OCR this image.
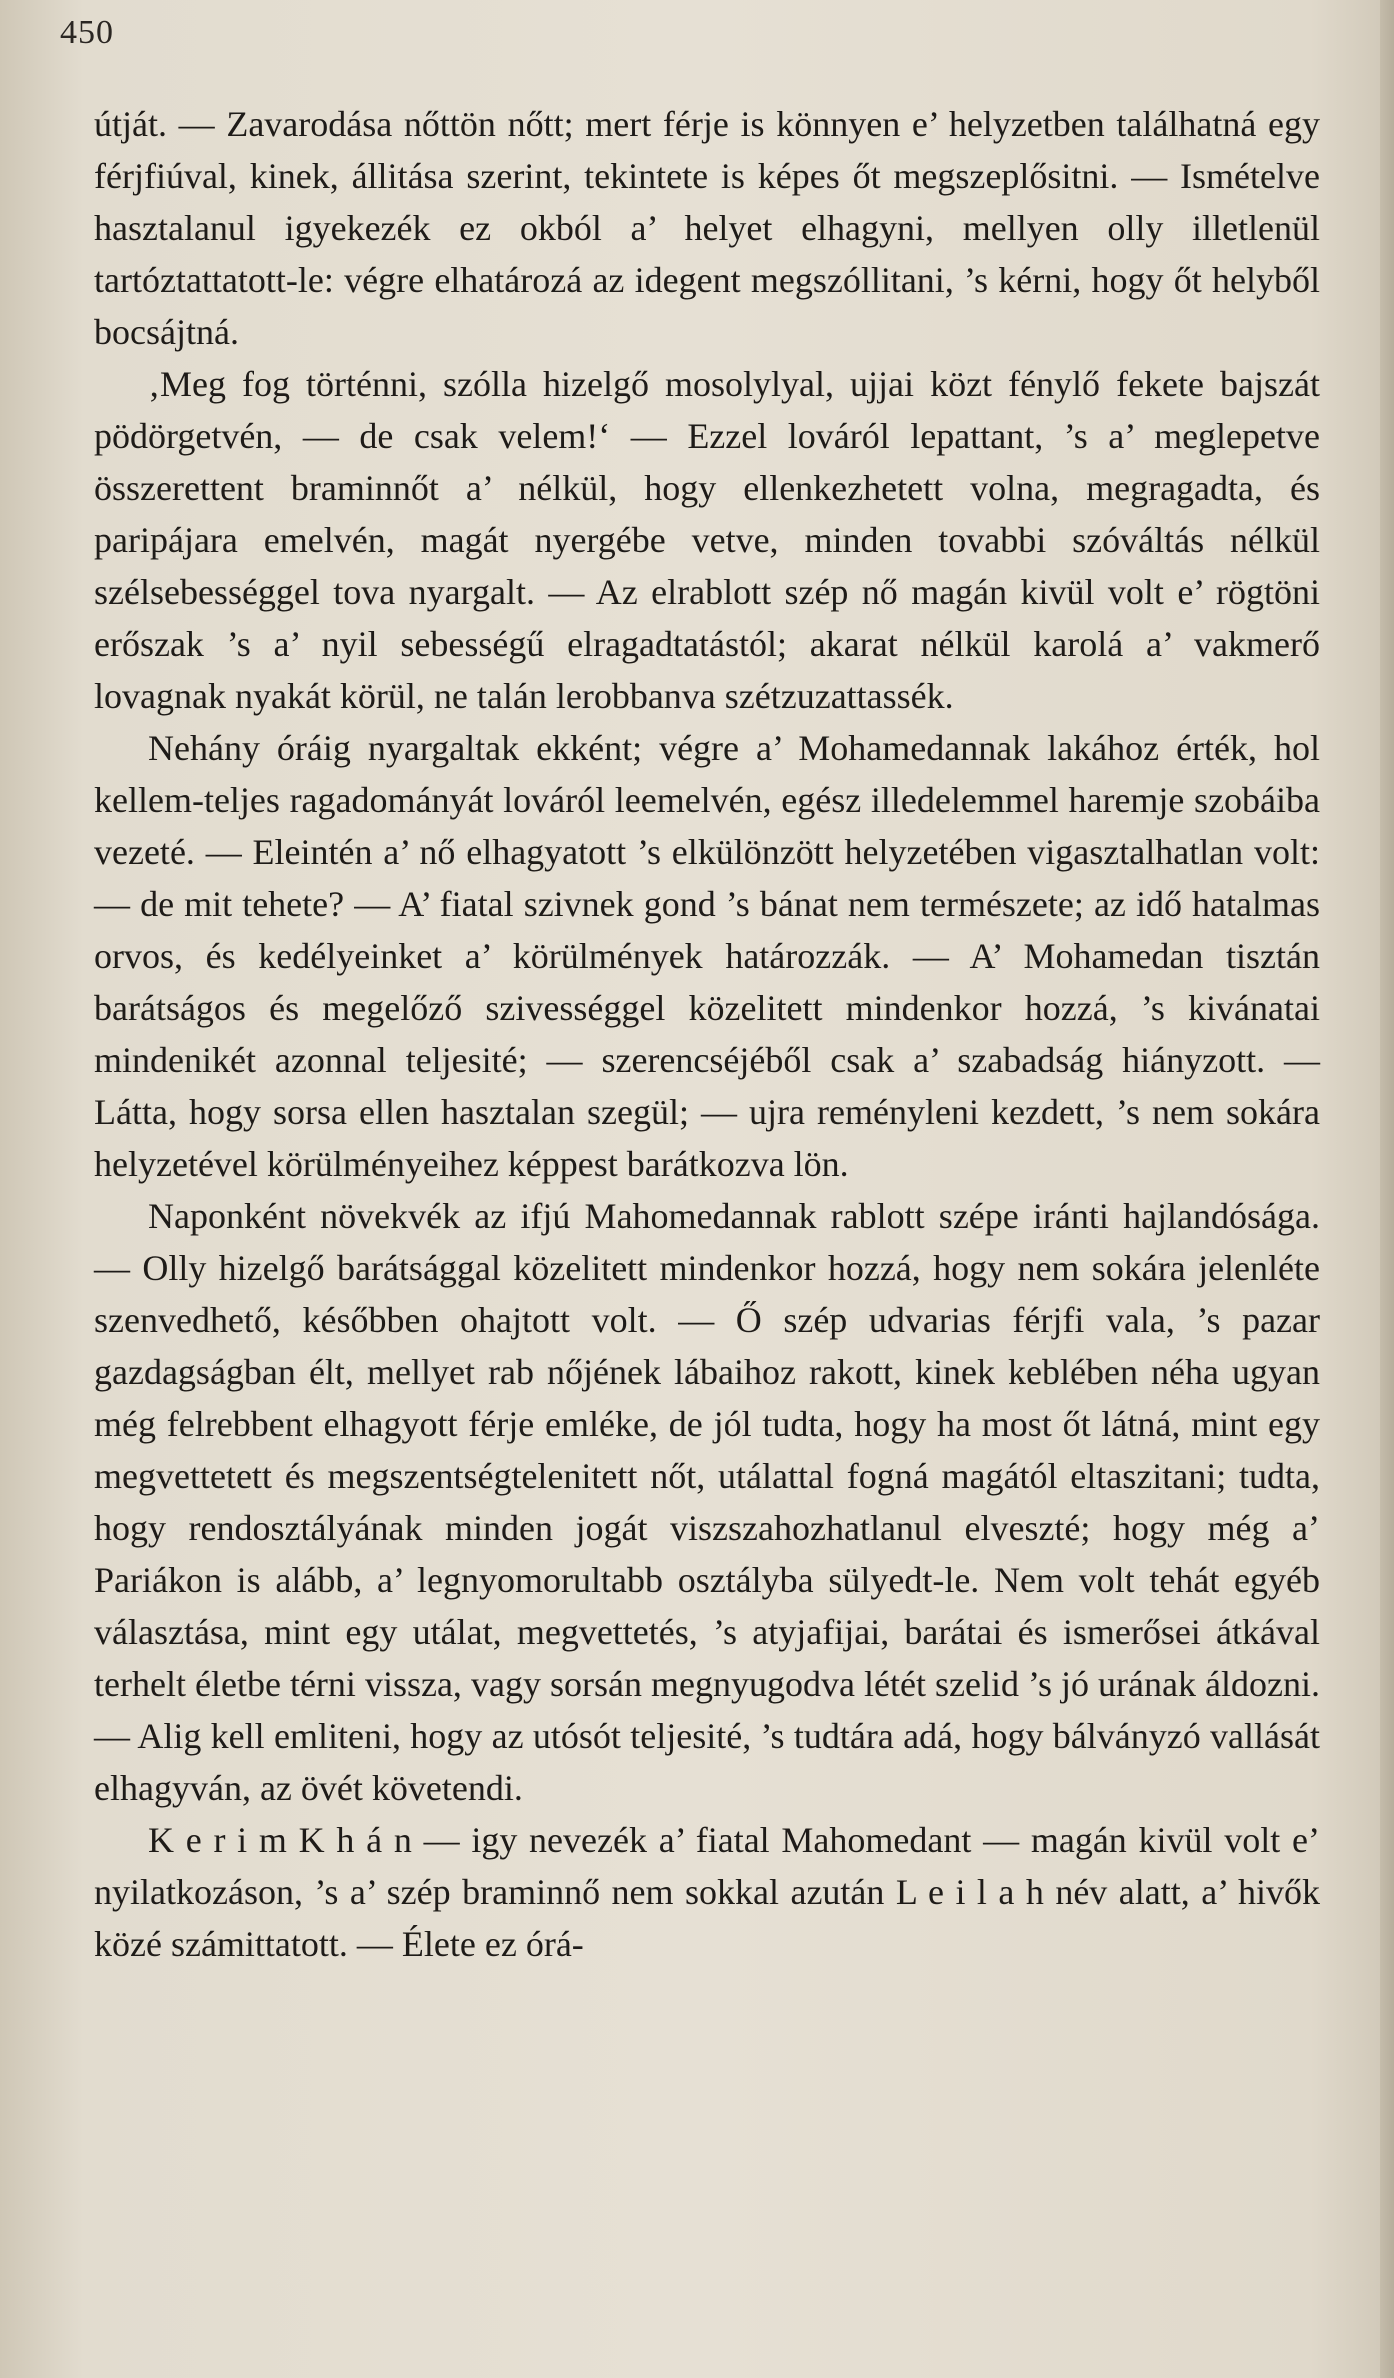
450

útját. — Zavarodása nőttön nőtt; mert férje is könnyen e’ helyzetben találhatná egy férjfiúval, kinek, állitása szerint, tekintete is képes őt megszeplősitni. — Ismételve hasztalanul igyekezék ez okból a’ helyet elhagyni, mellyen olly illetlenül tartóztattatott-le: végre elhatározá az idegent megszóllitani, ’s kérni, hogy őt helyből bocsájtná.

‚Meg fog történni, szólla hizelgő mosolylyal, ujjai közt fénylő fekete bajszát pödörgetvén, — de csak velem!‘ — Ezzel lováról lepattant, ’s a’ meglepetve összerettent braminnőt a’ nélkül, hogy ellenkezhetett volna, megragadta, és paripájara emelvén, magát nyergébe vetve, minden tovabbi szóváltás nélkül szélsebességgel tova nyargalt. — Az elrablott szép nő magán kivül volt e’ rögtöni erőszak ’s a’ nyil sebességű elragadtatástól; akarat nélkül karolá a’ vakmerő lovagnak nyakát körül, ne talán lerobbanva szétzuzattassék.

Nehány óráig nyargaltak ekként; végre a’ Mohamedannak lakához érték, hol kellem-teljes ragadományát lováról leemelvén, egész illedelemmel haremje szobáiba vezeté. — Eleintén a’ nő elhagyatott ’s elkülönzött helyzetében vigasztalhatlan volt: — de mit tehete? — A’ fiatal szivnek gond ’s bánat nem természete; az idő hatalmas orvos, és kedélyeinket a’ körülmények határozzák. — A’ Mohamedan tisztán barátságos és megelőző szivességgel közelitett mindenkor hozzá, ’s kivánatai mindenikét azonnal teljesité; — szerencséjéből csak a’ szabadság hiányzott. — Látta, hogy sorsa ellen hasztalan szegül; — ujra reményleni kezdett, ’s nem sokára helyzetével körülményeihez képpest barátkozva lön.

Naponként növekvék az ifjú Mahomedannak rablott szépe iránti hajlandósága. — Olly hizelgő barátsággal közelitett mindenkor hozzá, hogy nem sokára jelenléte szenvedhető, későbben ohajtott volt. — Ő szép udvarias férjfi vala, ’s pazar gazdagságban élt, mellyet rab nőjének lábaihoz rakott, kinek keblében néha ugyan még felrebbent elhagyott férje emléke, de jól tudta, hogy ha most őt látná, mint egy megvettetett és megszentségtelenitett nőt, utálattal fogná magától eltaszitani; tudta, hogy rendosztályának minden jogát viszszahozhatlanul elveszté; hogy még a’ Pariákon is alább, a’ legnyomorultabb osztályba sülyedt-le. Nem volt tehát egyéb választása, mint egy utálat, megvettetés, ’s atyjafijai, barátai és ismerősei átkával terhelt életbe térni vissza, vagy sorsán megnyugodva létét szelid ’s jó urának áldozni. — Alig kell emliteni, hogy az utósót teljesité, ’s tudtára adá, hogy bálványzó vallását elhagyván, az övét követendi.

K e r i m K h á n — igy nevezék a’ fiatal Mahomedant — magán kivül volt e’ nyilatkozáson, ’s a’ szép braminnő nem sokkal azután L e i l a h név alatt, a’ hivők közé számittatott. — Élete ez órá-
